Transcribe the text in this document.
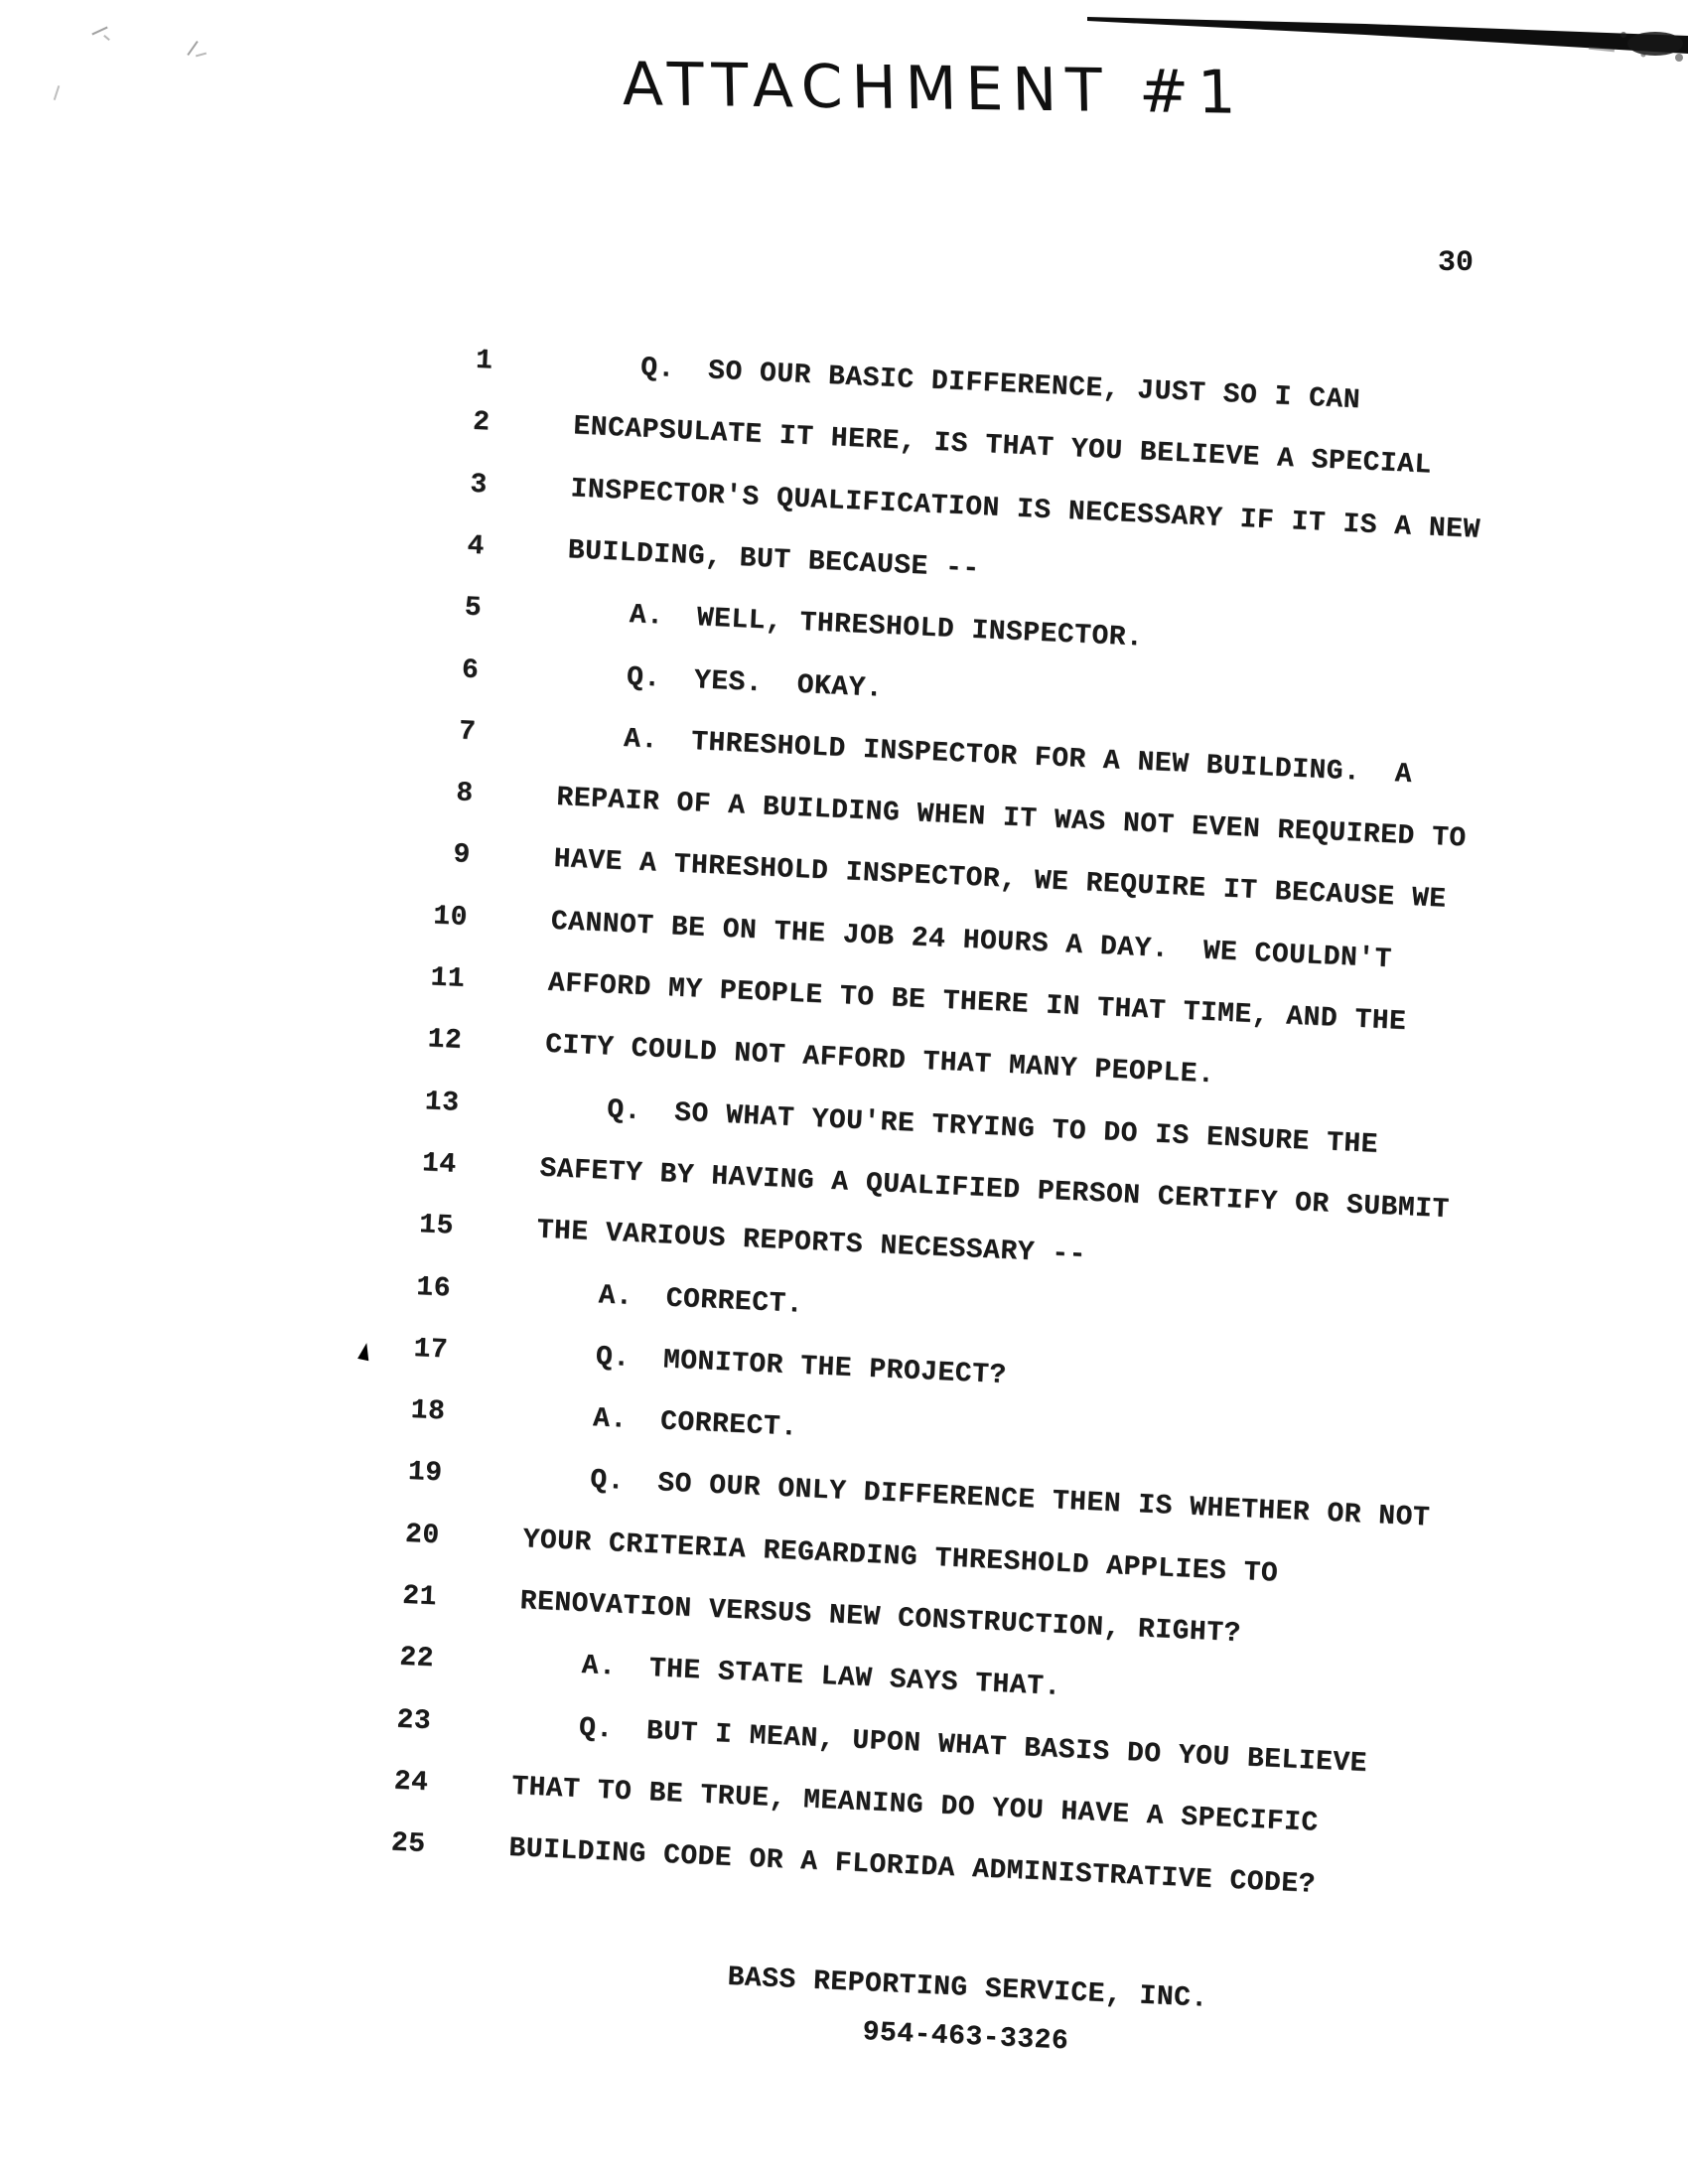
ATTACHMENT #1
30
1	Q. SO OUR BASIC DIFFERENCE, JUST SO I CAN
2	ENCAPSULATE IT HERE, IS THAT YOU BELIEVE A SPECIAL
3	INSPECTOR'S QUALIFICATION IS NECESSARY IF IT IS A NEW
4	BUILDING, BUT BECAUSE --
5	A. WELL, THRESHOLD INSPECTOR.
6	Q. YES.  OKAY.
7	A. THRESHOLD INSPECTOR FOR A NEW BUILDING.  A
8	REPAIR OF A BUILDING WHEN IT WAS NOT EVEN REQUIRED TO
9	HAVE A THRESHOLD INSPECTOR, WE REQUIRE IT BECAUSE WE
10	CANNOT BE ON THE JOB 24 HOURS A DAY.  WE COULDN'T
11	AFFORD MY PEOPLE TO BE THERE IN THAT TIME, AND THE
12	CITY COULD NOT AFFORD THAT MANY PEOPLE.
13	Q. SO WHAT YOU'RE TRYING TO DO IS ENSURE THE
14	SAFETY BY HAVING A QUALIFIED PERSON CERTIFY OR SUBMIT
15	THE VARIOUS REPORTS NECESSARY --
16	A. CORRECT.
17	Q. MONITOR THE PROJECT?
18	A. CORRECT.
19	Q. SO OUR ONLY DIFFERENCE THEN IS WHETHER OR NOT
20	YOUR CRITERIA REGARDING THRESHOLD APPLIES TO
21	RENOVATION VERSUS NEW CONSTRUCTION, RIGHT?
22	A. THE STATE LAW SAYS THAT.
23	Q. BUT I MEAN, UPON WHAT BASIS DO YOU BELIEVE
24	THAT TO BE TRUE, MEANING DO YOU HAVE A SPECIFIC
25	BUILDING CODE OR A FLORIDA ADMINISTRATIVE CODE?
▲
BASS REPORTING SERVICE, INC.
954-463-3326
